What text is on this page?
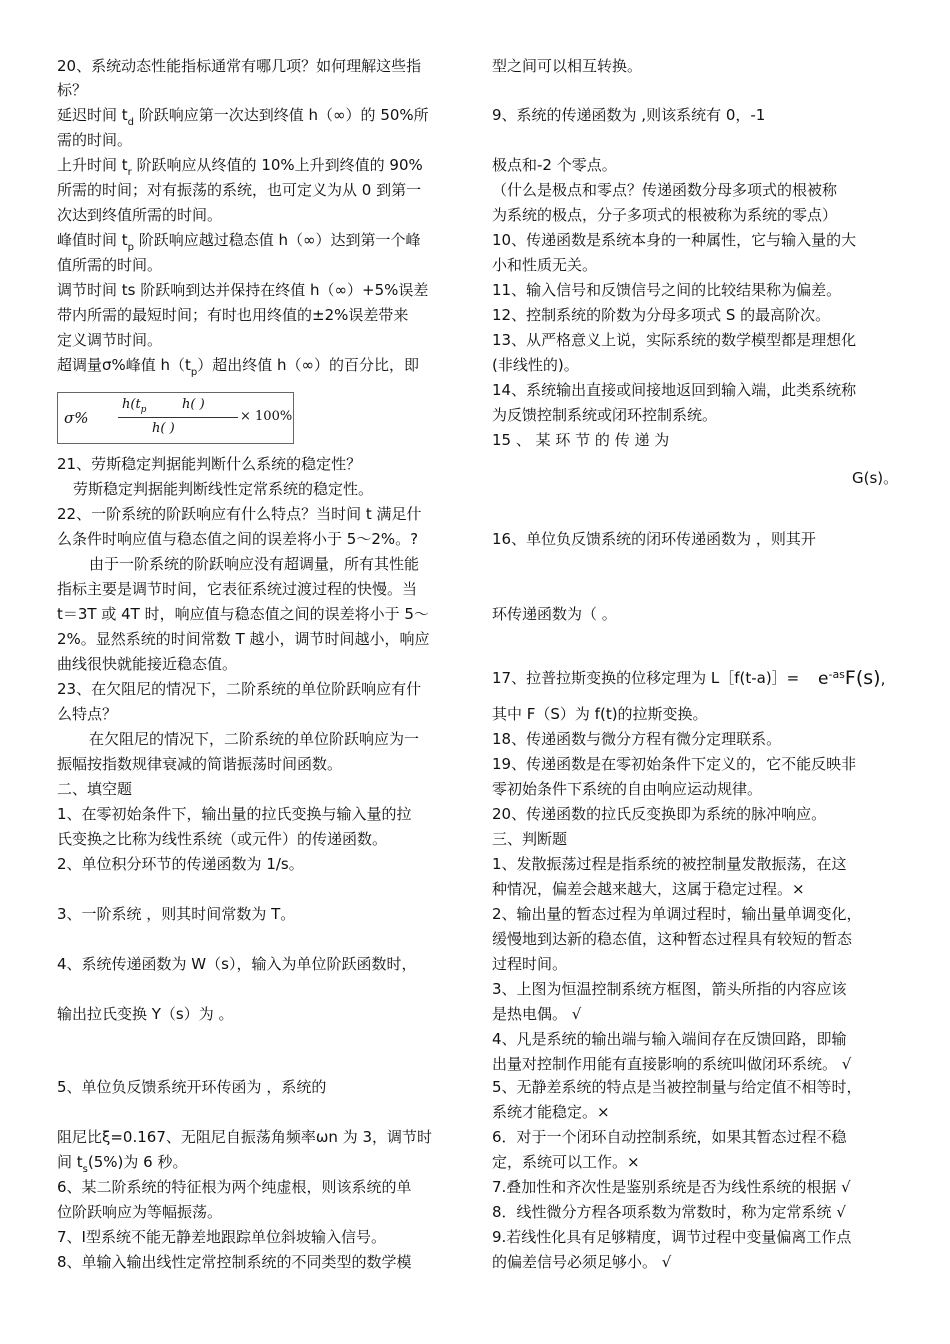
20、系统动态性能指标通常有哪几项？如何理解这些指
标？
延迟时间 $t_d$ 阶跃响应第一次达到终值 h（∞）的 50%所
需的时间。
上升时间 $t_r$ 阶跃响应从终值的 10%上升到终值的 90%
所需的时间；对有振荡的系统，也可定义为从 0 到第一
次达到终值所需的时间。
峰值时间 $t_p$ 阶跃响应越过稳态值 h（∞）达到第一个峰
值所需的时间。
调节时间 ts 阶跃响到达并保持在终值 h（∞）+5%误差
带内所需的最短时间；有时也用终值的±2%误差带来
定义调节时间。
超调量σ%峰值 $h(t_p)$超出终值 h（∞）的百分比，即
21、劳斯稳定判据能判断什么系统的稳定性？
劳斯稳定判据能判断线性定常系统的稳定性。
22、一阶系统的阶跃响应有什么特点？当时间 t 满足什
么条件时响应值与稳态值之间的误差将小于 5～2%。?
由于一阶系统的阶跃响应没有超调量，所有其性能
指标主要是调节时间，它表征系统过渡过程的快慢。当
t＝3T 或 4T 时，响应值与稳态值之间的误差将小于 5～
2%。显然系统的时间常数 T 越小，调节时间越小，响应
曲线很快就能接近稳态值。
23、在欠阻尼的情况下，二阶系统的单位阶跃响应有什
么特点？
在欠阻尼的情况下，二阶系统的单位阶跃响应为一
振幅按指数规律衰减的简谐振荡时间函数。
二、填空题
1、在零初始条件下，输出量的拉氏变换与输入量的拉
氏变换之比称为线性系统（或元件）的传递函数。
2、单位积分环节的传递函数为 1/s。
3、一阶系统 ，则其时间常数为 T。
4、系统传递函数为 W（s），输入为单位阶跃函数时，
输出拉氏变换 Y（s）为 。
5、单位负反馈系统开环传函为 ，系统的
阻尼比ξ=0.167、无阻尼自振荡角频率ωn 为 3，调节时
间 $t_s(5\%)$为 6 秒。
6、某二阶系统的特征根为两个纯虚根，则该系统的单
位阶跃响应为等幅振荡。
7、Ⅰ型系统不能无静差地跟踪单位斜坡输入信号。
8、单输入输出线性定常控制系统的不同类型的数学模
型之间可以相互转换。
9、系统的传递函数为 ,则该系统有 0，-1
极点和-2 个零点。
（什么是极点和零点？传递函数分母多项式的根被称
为系统的极点，分子多项式的根被称为系统的零点）
10、传递函数是系统本身的一种属性，它与输入量的大
小和性质无关。
11、输入信号和反馈信号之间的比较结果称为偏差。
12、控制系统的阶数为分母多项式 S 的最高阶次。
13、从严格意义上说，实际系统的数学模型都是理想化
(非线性的)。
14、系统输出直接或间接地返回到输入端，此类系统称
为反馈控制系统或闭环控制系统。
15 、 某 环 节 的 传 递 为
G(s)。
16、单位负反馈系统的闭环传递函数为 ，则其开
环传递函数为（ 。
17、拉普拉斯变换的位移定理为 L［f(t-a)］=
其中 F（S）为 f(t)的拉斯变换。
18、传递函数与微分方程有微分定理联系。
19、传递函数是在零初始条件下定义的，它不能反映非
零初始条件下系统的自由响应运动规律。
20、传递函数的拉氏反变换即为系统的脉冲响应。
三、判断题
1、发散振荡过程是指系统的被控制量发散振荡，在这
种情况，偏差会越来越大，这属于稳定过程。×
2、输出量的暂态过程为单调过程时，输出量单调变化，
缓慢地到达新的稳态值，这种暂态过程具有较短的暂态
过程时间。
3、上图为恒温控制系统方框图，箭头所指的内容应该
是热电偶。 √
4、凡是系统的输出端与输入端间存在反馈回路，即输
出量对控制作用能有直接影响的系统叫做闭环系统。 √
5、无静差系统的特点是当被控制量与给定值不相等时，
系统才能稳定。×
6．对于一个闭环自动控制系统，如果其暂态过程不稳
定，系统可以工作。×
7.叠加性和齐次性是鉴别系统是否为线性系统的根据 √
8．线性微分方程各项系数为常数时，称为定常系统 √
9.若线性化具有足够精度，调节过程中变量偏离工作点
的偏差信号必须足够小。 √
σ%
$h(t_p$	h( )
h( )
× 100%
$e^{-as}F(s)$,
